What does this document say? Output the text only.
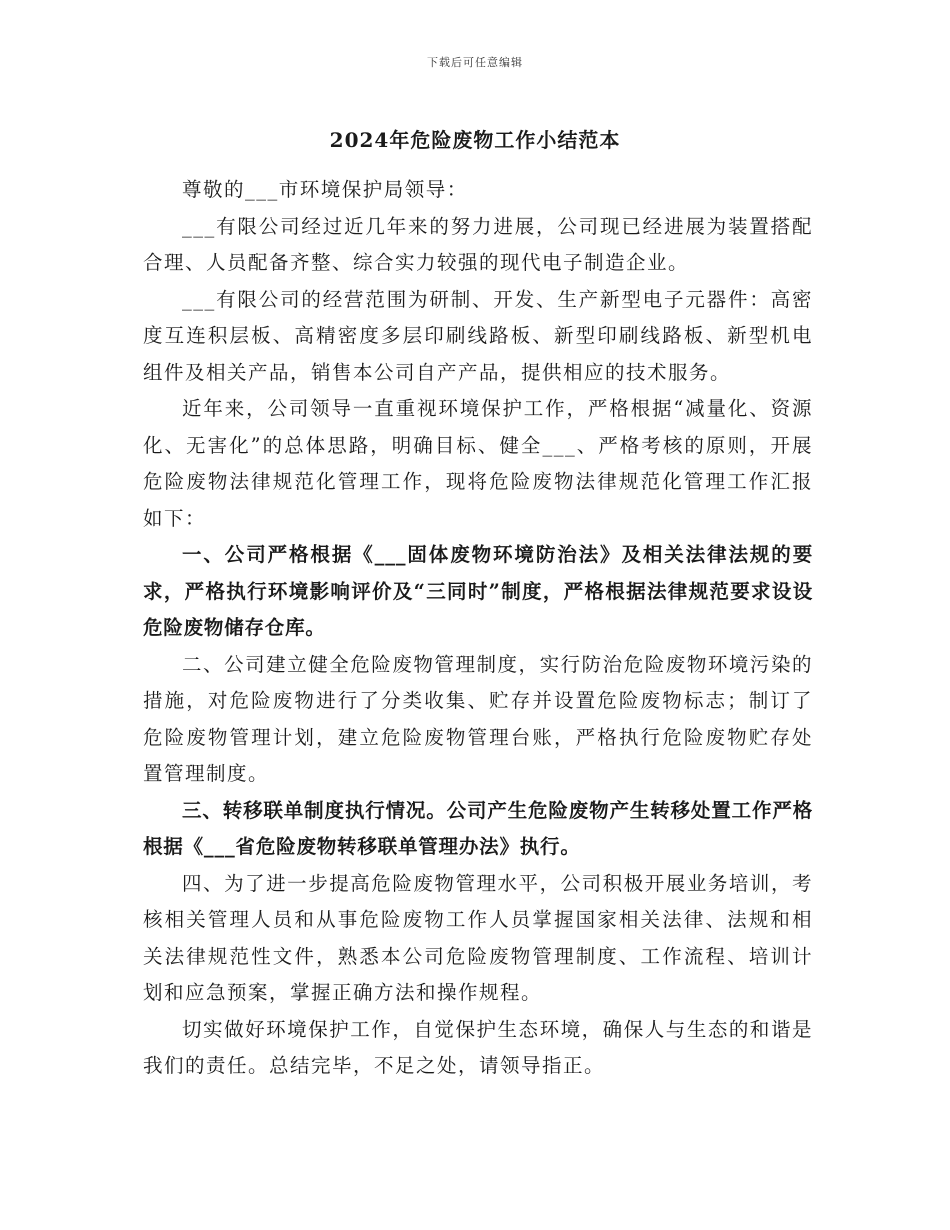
下载后可任意编辑
2024年危险废物工作小结范本

尊敬的___市环境保护局领导：

___有限公司经过近几年来的努力进展，公司现已经进展为装置搭配合理、人员配备齐整、综合实力较强的现代电子制造企业。

___有限公司的经营范围为研制、开发、生产新型电子元器件：高密度互连积层板、高精密度多层印刷线路板、新型印刷线路板、新型机电组件及相关产品，销售本公司自产产品，提供相应的技术服务。

近年来，公司领导一直重视环境保护工作，严格根据“减量化、资源化、无害化”的总体思路，明确目标、健全___、严格考核的原则，开展危险废物法律规范化管理工作，现将危险废物法律规范化管理工作汇报如下：

一、公司严格根据《___固体废物环境防治法》及相关法律法规的要求，严格执行环境影响评价及“三同时”制度，严格根据法律规范要求设设危险废物储存仓库。

二、公司建立健全危险废物管理制度，实行防治危险废物环境污染的措施，对危险废物进行了分类收集、贮存并设置危险废物标志；制订了危险废物管理计划，建立危险废物管理台账，严格执行危险废物贮存处置管理制度。

三、转移联单制度执行情况。公司产生危险废物产生转移处置工作严格根据《___省危险废物转移联单管理办法》执行。

四、为了进一步提高危险废物管理水平，公司积极开展业务培训，考核相关管理人员和从事危险废物工作人员掌握国家相关法律、法规和相关法律规范性文件，熟悉本公司危险废物管理制度、工作流程、培训计划和应急预案，掌握正确方法和操作规程。

切实做好环境保护工作，自觉保护生态环境，确保人与生态的和谐是我们的责任。总结完毕，不足之处，请领导指正。
